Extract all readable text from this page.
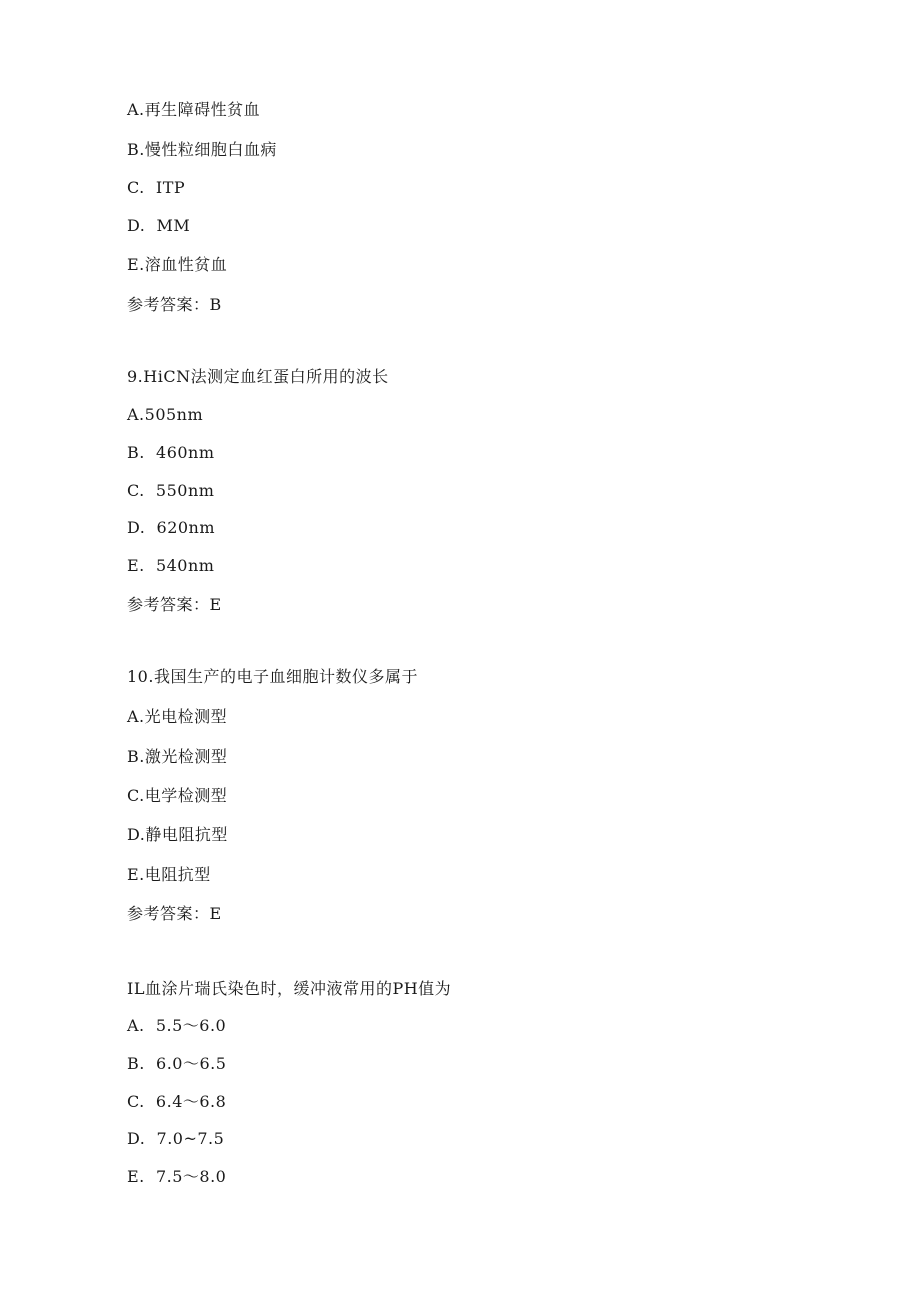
A.再生障碍性贫血
B.慢性粒细胞白血病
C.  ITP
D.  MM
E.溶血性贫血
参考答案：B
9.HiCN法测定血红蛋白所用的波长
A.505nm
B.  460nm
C.  550nm
D.  620nm
E.  540nm
参考答案：E
10.我国生产的电子血细胞计数仪多属于
A.光电检测型
B.激光检测型
C.电学检测型
D.静电阻抗型
E.电阻抗型
参考答案：E
IL血涂片瑞氏染色时，缓冲液常用的PH值为
A.  5.5～6.0
B.  6.0～6.5
C.  6.4～6.8
D.  7.0~7.5
E.  7.5～8.0
